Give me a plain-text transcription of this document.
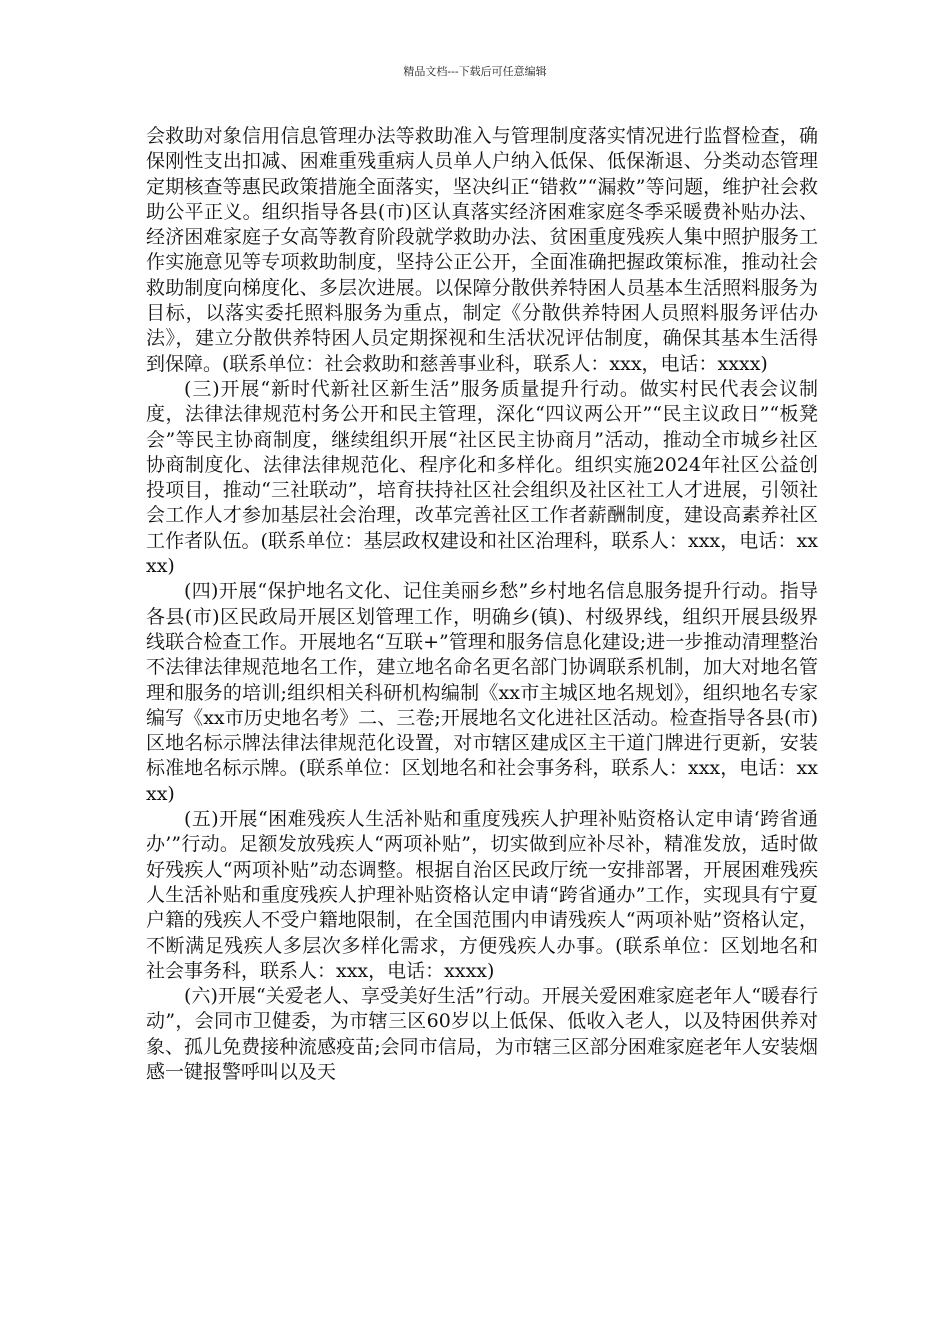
精品文档---下载后可任意编辑

会救助对象信用信息管理办法等救助准入与管理制度落实情况进行监督检查，确保刚性支出扣减、困难重残重病人员单人户纳入低保、低保渐退、分类动态管理定期核查等惠民政策措施全面落实，坚决纠正“错救”“漏救”等问题，维护社会救助公平正义。组织指导各县(市)区认真落实经济困难家庭冬季采暖费补贴办法、经济困难家庭子女高等教育阶段就学救助办法、贫困重度残疾人集中照护服务工作实施意见等专项救助制度，坚持公正公开，全面准确把握政策标准，推动社会救助制度向梯度化、多层次进展。以保障分散供养特困人员基本生活照料服务为目标，以落实委托照料服务为重点，制定《分散供养特困人员照料服务评估办法》，建立分散供养特困人员定期探视和生活状况评估制度，确保其基本生活得到保障。(联系单位：社会救助和慈善事业科，联系人：xxx，电话：xxxx)

(三)开展“新时代新社区新生活”服务质量提升行动。做实村民代表会议制度，法律法律规范村务公开和民主管理，深化“四议两公开”“民主议政日”“板凳会”等民主协商制度，继续组织开展“社区民主协商月”活动，推动全市城乡社区协商制度化、法律法律规范化、程序化和多样化。组织实施2024年社区公益创投项目，推动“三社联动”，培育扶持社区社会组织及社区社工人才进展，引领社会工作人才参加基层社会治理，改革完善社区工作者薪酬制度，建设高素养社区工作者队伍。(联系单位：基层政权建设和社区治理科，联系人：xxx，电话：xxxx)

(四)开展“保护地名文化、记住美丽乡愁”乡村地名信息服务提升行动。指导各县(市)区民政局开展区划管理工作，明确乡(镇)、村级界线，组织开展县级界线联合检查工作。开展地名“互联+”管理和服务信息化建设;进一步推动清理整治不法律法律规范地名工作，建立地名命名更名部门协调联系机制，加大对地名管理和服务的培训;组织相关科研机构编制《xx市主城区地名规划》，组织地名专家编写《xx市历史地名考》二、三卷;开展地名文化进社区活动。检查指导各县(市)区地名标示牌法律法律规范化设置，对市辖区建成区主干道门牌进行更新，安装标准地名标示牌。(联系单位：区划地名和社会事务科，联系人：xxx，电话：xxxx)

(五)开展“困难残疾人生活补贴和重度残疾人护理补贴资格认定申请‘跨省通办’”行动。足额发放残疾人“两项补贴”，切实做到应补尽补，精准发放，适时做好残疾人“两项补贴”动态调整。根据自治区民政厅统一安排部署，开展困难残疾人生活补贴和重度残疾人护理补贴资格认定申请“跨省通办”工作，实现具有宁夏户籍的残疾人不受户籍地限制，在全国范围内申请残疾人“两项补贴”资格认定，不断满足残疾人多层次多样化需求，方便残疾人办事。(联系单位：区划地名和社会事务科，联系人：xxx，电话：xxxx)

(六)开展“关爱老人、享受美好生活”行动。开展关爱困难家庭老年人“暖春行动”，会同市卫健委，为市辖三区60岁以上低保、低收入老人，以及特困供养对象、孤儿免费接种流感疫苗;会同市信局，为市辖三区部分困难家庭老年人安装烟感一键报警呼叫以及天
